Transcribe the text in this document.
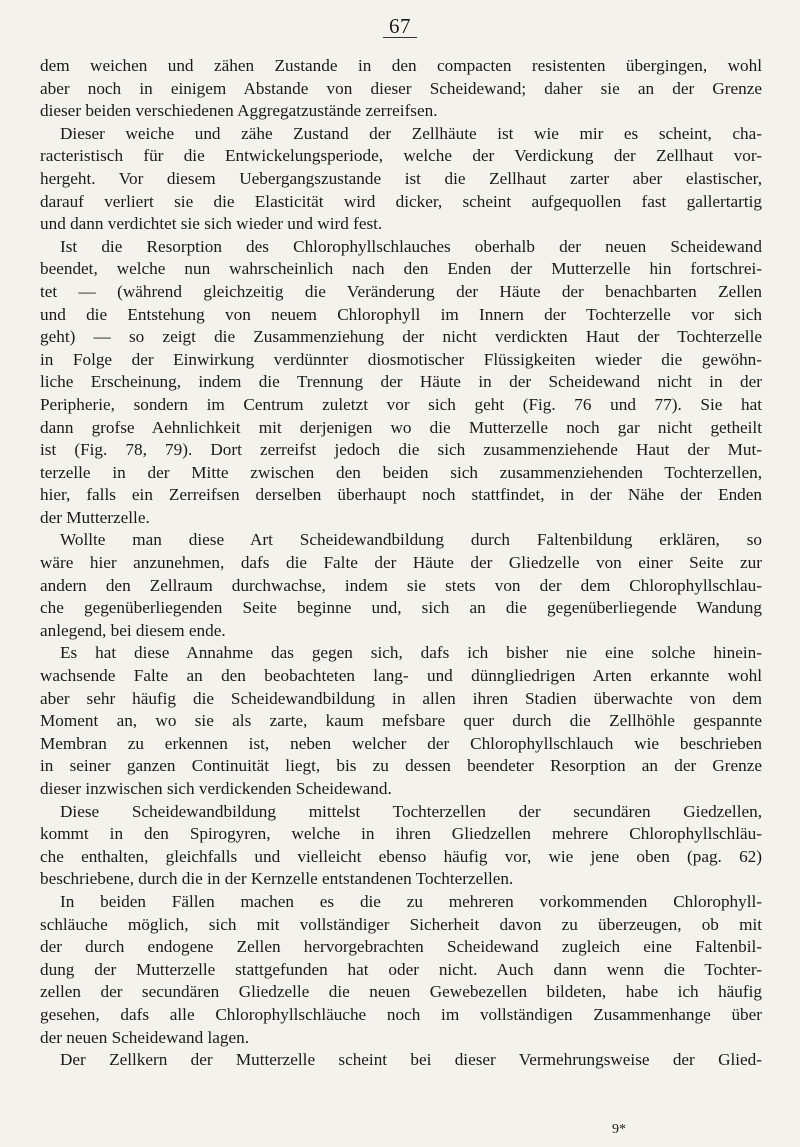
67
dem weichen und zähen Zustande in den compacten resistenten übergingen, wohl
aber noch in einigem Abstande von dieser Scheidewand; daher sie an der Grenze
dieser beiden verschiedenen Aggregatzustände zerreifsen.
Dieser weiche und zähe Zustand der Zellhäute ist wie mir es scheint, cha-
racteristisch für die Entwickelungsperiode, welche der Verdickung der Zellhaut vor-
hergeht. Vor diesem Uebergangszustande ist die Zellhaut zarter aber elastischer,
darauf verliert sie die Elasticität wird dicker, scheint aufgequollen fast gallertartig
und dann verdichtet sie sich wieder und wird fest.
Ist die Resorption des Chlorophyllschlauches oberhalb der neuen Scheidewand
beendet, welche nun wahrscheinlich nach den Enden der Mutterzelle hin fortschrei-
tet — (während gleichzeitig die Veränderung der Häute der benachbarten Zellen
und die Entstehung von neuem Chlorophyll im Innern der Tochterzelle vor sich
geht) — so zeigt die Zusammenziehung der nicht verdickten Haut der Tochterzelle
in Folge der Einwirkung verdünnter diosmotischer Flüssigkeiten wieder die gewöhn-
liche Erscheinung, indem die Trennung der Häute in der Scheidewand nicht in der
Peripherie, sondern im Centrum zuletzt vor sich geht (Fig. 76 und 77). Sie hat
dann grofse Aehnlichkeit mit derjenigen wo die Mutterzelle noch gar nicht getheilt
ist (Fig. 78, 79). Dort zerreifst jedoch die sich zusammenziehende Haut der Mut-
terzelle in der Mitte zwischen den beiden sich zusammenziehenden Tochterzellen,
hier, falls ein Zerreifsen derselben überhaupt noch stattfindet, in der Nähe der Enden
der Mutterzelle.
Wollte man diese Art Scheidewandbildung durch Faltenbildung erklären, so
wäre hier anzunehmen, dafs die Falte der Häute der Gliedzelle von einer Seite zur
andern den Zellraum durchwachse, indem sie stets von der dem Chlorophyllschlau-
che gegenüberliegenden Seite beginne und, sich an die gegenüberliegende Wandung
anlegend, bei diesem ende.
Es hat diese Annahme das gegen sich, dafs ich bisher nie eine solche hinein-
wachsende Falte an den beobachteten lang- und dünngliedrigen Arten erkannte wohl
aber sehr häufig die Scheidewandbildung in allen ihren Stadien überwachte von dem
Moment an, wo sie als zarte, kaum mefsbare quer durch die Zellhöhle gespannte
Membran zu erkennen ist, neben welcher der Chlorophyllschlauch wie beschrieben
in seiner ganzen Continuität liegt, bis zu dessen beendeter Resorption an der Grenze
dieser inzwischen sich verdickenden Scheidewand.
Diese Scheidewandbildung mittelst Tochterzellen der secundären Giedzellen,
kommt in den Spirogyren, welche in ihren Gliedzellen mehrere Chlorophyllschläu-
che enthalten, gleichfalls und vielleicht ebenso häufig vor, wie jene oben (pag. 62)
beschriebene, durch die in der Kernzelle entstandenen Tochterzellen.
In beiden Fällen machen es die zu mehreren vorkommenden Chlorophyll-
schläuche möglich, sich mit vollständiger Sicherheit davon zu überzeugen, ob mit
der durch endogene Zellen hervorgebrachten Scheidewand zugleich eine Faltenbil-
dung der Mutterzelle stattgefunden hat oder nicht. Auch dann wenn die Tochter-
zellen der secundären Gliedzelle die neuen Gewebezellen bildeten, habe ich häufig
gesehen, dafs alle Chlorophyllschläuche noch im vollständigen Zusammenhange über
der neuen Scheidewand lagen.
Der Zellkern der Mutterzelle scheint bei dieser Vermehrungsweise der Glied-
9*
